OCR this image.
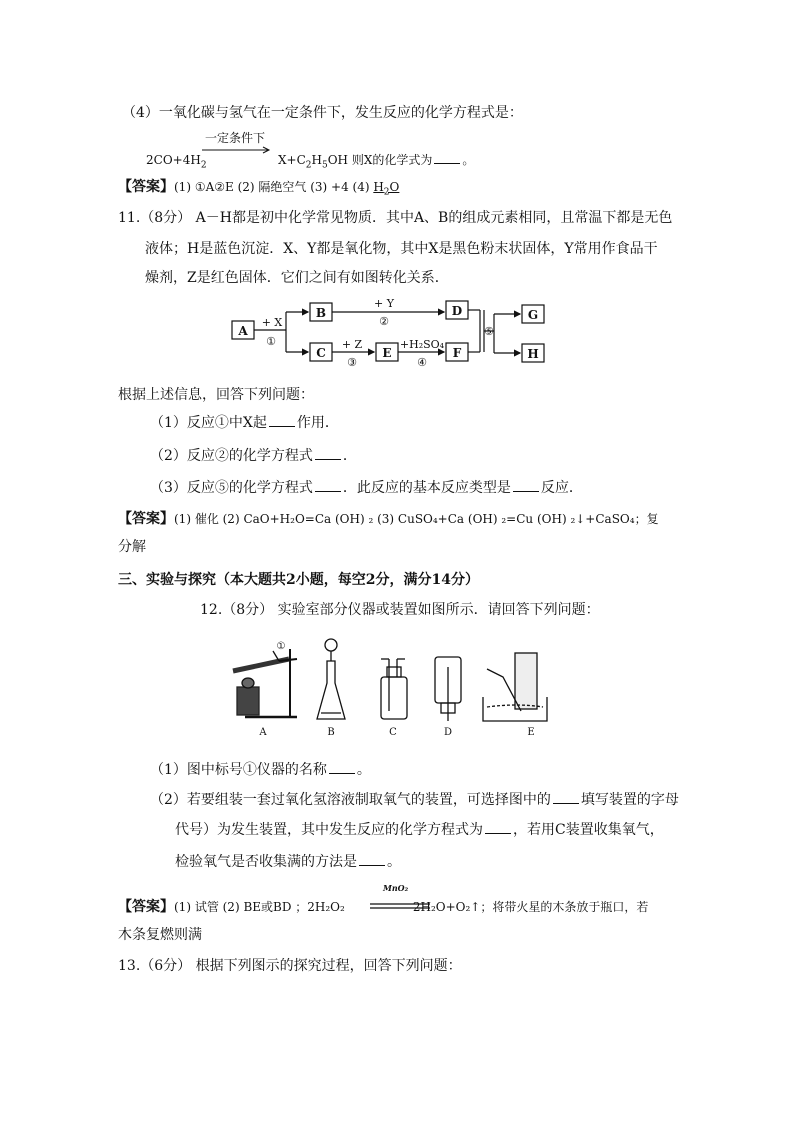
（4）一氧化碳与氢气在一定条件下，发生反应的化学方程式是：
一定条件下
$2CO+4H_2$	$X+C_2H_5OH$ 则X的化学式为	。
【答案】(1) ①A②E (2) 隔绝空气 (3) +4 (4) $H_2O$
11.（8分） A－H都是初中化学常见物质．其中A、B的组成元素相同，且常温下都是无色
液体；H是蓝色沉淀．X、Y都是氧化物，其中X是黑色粉末状固体，Y常用作食品干
燥剂，Z是红色固体．它们之间有如图转化关系．
A
B
C
D
E	F
G
H
+ X
①
+ Y
②
+ Z
③
+H₂SO₄
④
⑤
根据上述信息，回答下列问题：
（1）反应①中X起 作用．
（2）反应②的化学方程式 ．
（3）反应⑤的化学方程式 ．此反应的基本反应类型是 反应．
【答案】(1) 催化 (2) CaO+H₂O=Ca (OH) ₂ (3) CuSO₄+Ca (OH) ₂=Cu (OH) ₂↓+CaSO₄；复
分解
三、实验与探究（本大题共2小题，每空2分，满分14分）
12.（8分） 实验室部分仪器或装置如图所示．请回答下列问题：
①
A	B	C	D	E
（1）图中标号①仪器的名称 。
（2）若要组装一套过氧化氢溶液制取氧气的装置，可选择图中的 填写装置的字母
代号）为发生装置，其中发生反应的化学方程式为 ，若用C装置收集氧气，
检验氧气是否收集满的方法是 。
【答案】(1) 试管 (2) BE或BD ；2H₂O₂	2H₂O+O₂↑；将带火星的木条放于瓶口，若
MnO₂
木条复燃则满
13.（6分） 根据下列图示的探究过程，回答下列问题：
